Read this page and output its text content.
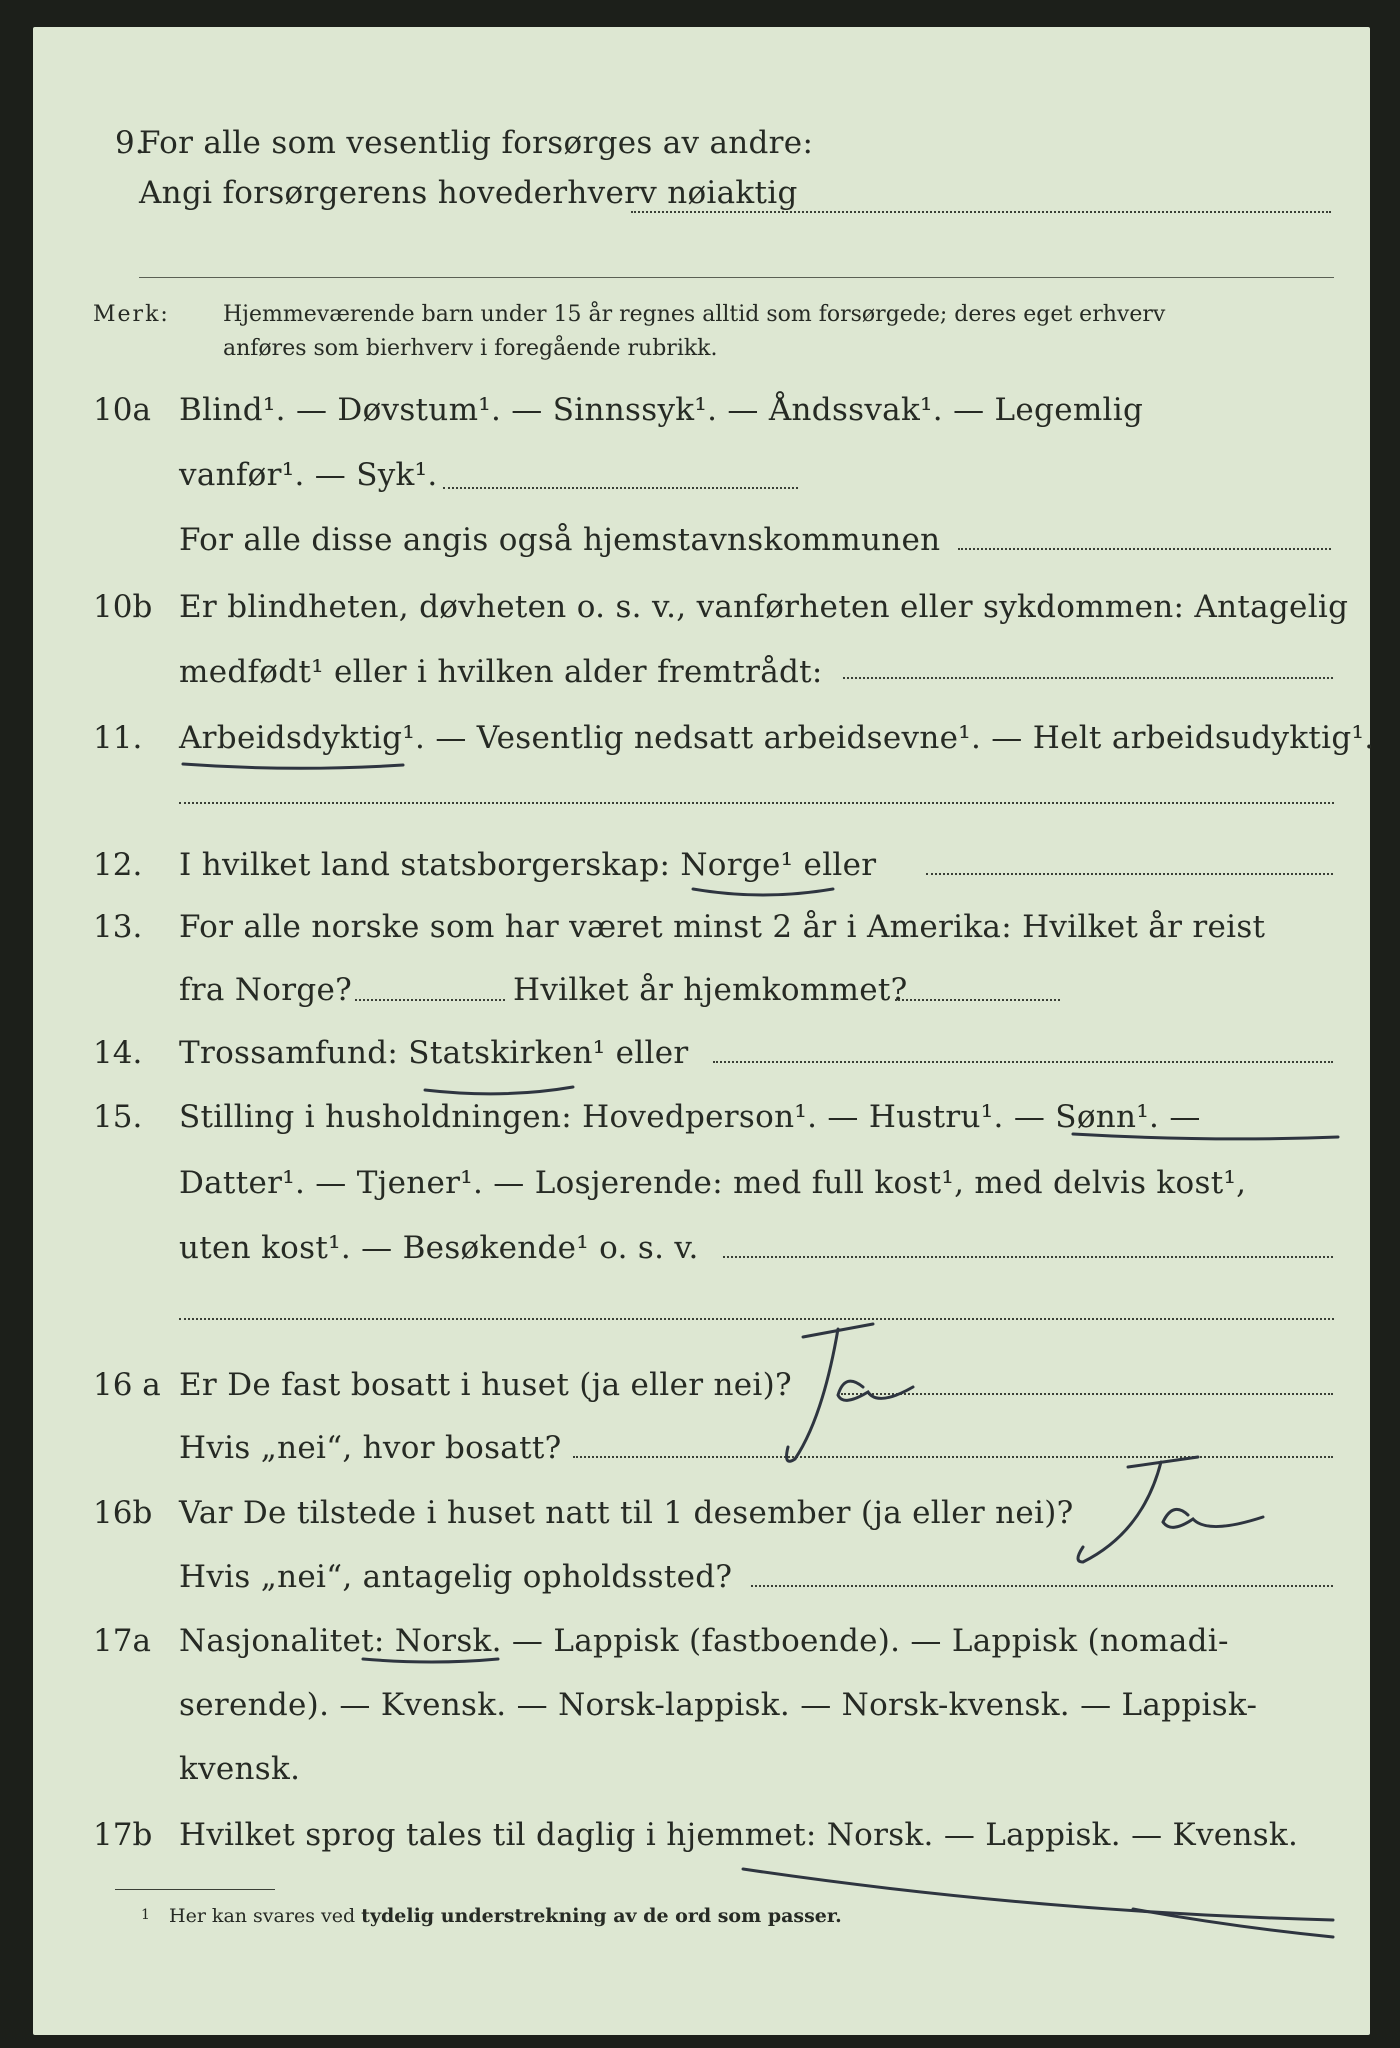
9.
For alle som vesentlig forsørges av andre:
Angi forsørgerens hovederhverv nøiaktig
Merk: Hjemmeværende barn under 15 år regnes alltid som forsørgede; deres eget erhverv
anføres som bierhverv i foregående rubrikk.
10a Blind¹. — Døvstum¹. — Sinnssyk¹. — Åndssvak¹. — Legemlig
vanfør¹. — Syk¹.
For alle disse angis også hjemstavnskommunen
10b Er blindheten, døvheten o. s. v., vanførheten eller sykdommen: Antagelig
medfødt¹ eller i hvilken alder fremtrådt:
11. Arbeidsdyktig¹. — Vesentlig nedsatt arbeidsevne¹. — Helt arbeidsudyktig¹.
12. I hvilket land statsborgerskap: Norge¹ eller
13. For alle norske som har været minst 2 år i Amerika: Hvilket år reist
fra Norge?	Hvilket år hjemkommet?
14. Trossamfund: Statskirken¹ eller
15. Stilling i husholdningen: Hovedperson¹. — Hustru¹. — Sønn¹. —
Datter¹. — Tjener¹. — Losjerende: med full kost¹, med delvis kost¹,
uten kost¹. — Besøkende¹ o. s. v.
16 a Er De fast bosatt i huset (ja eller nei)?
Hvis „nei“, hvor bosatt?
16b Var De tilstede i huset natt til 1 desember (ja eller nei)?
Hvis „nei“, antagelig opholdssted?
17a Nasjonalitet: Norsk. — Lappisk (fastboende). — Lappisk (nomadi-
serende). — Kvensk. — Norsk-lappisk. — Norsk-kvensk. — Lappisk-
kvensk.
17b Hvilket sprog tales til daglig i hjemmet: Norsk. — Lappisk. — Kvensk.
1 Her kan svares ved tydelig understrekning av de ord som passer.
